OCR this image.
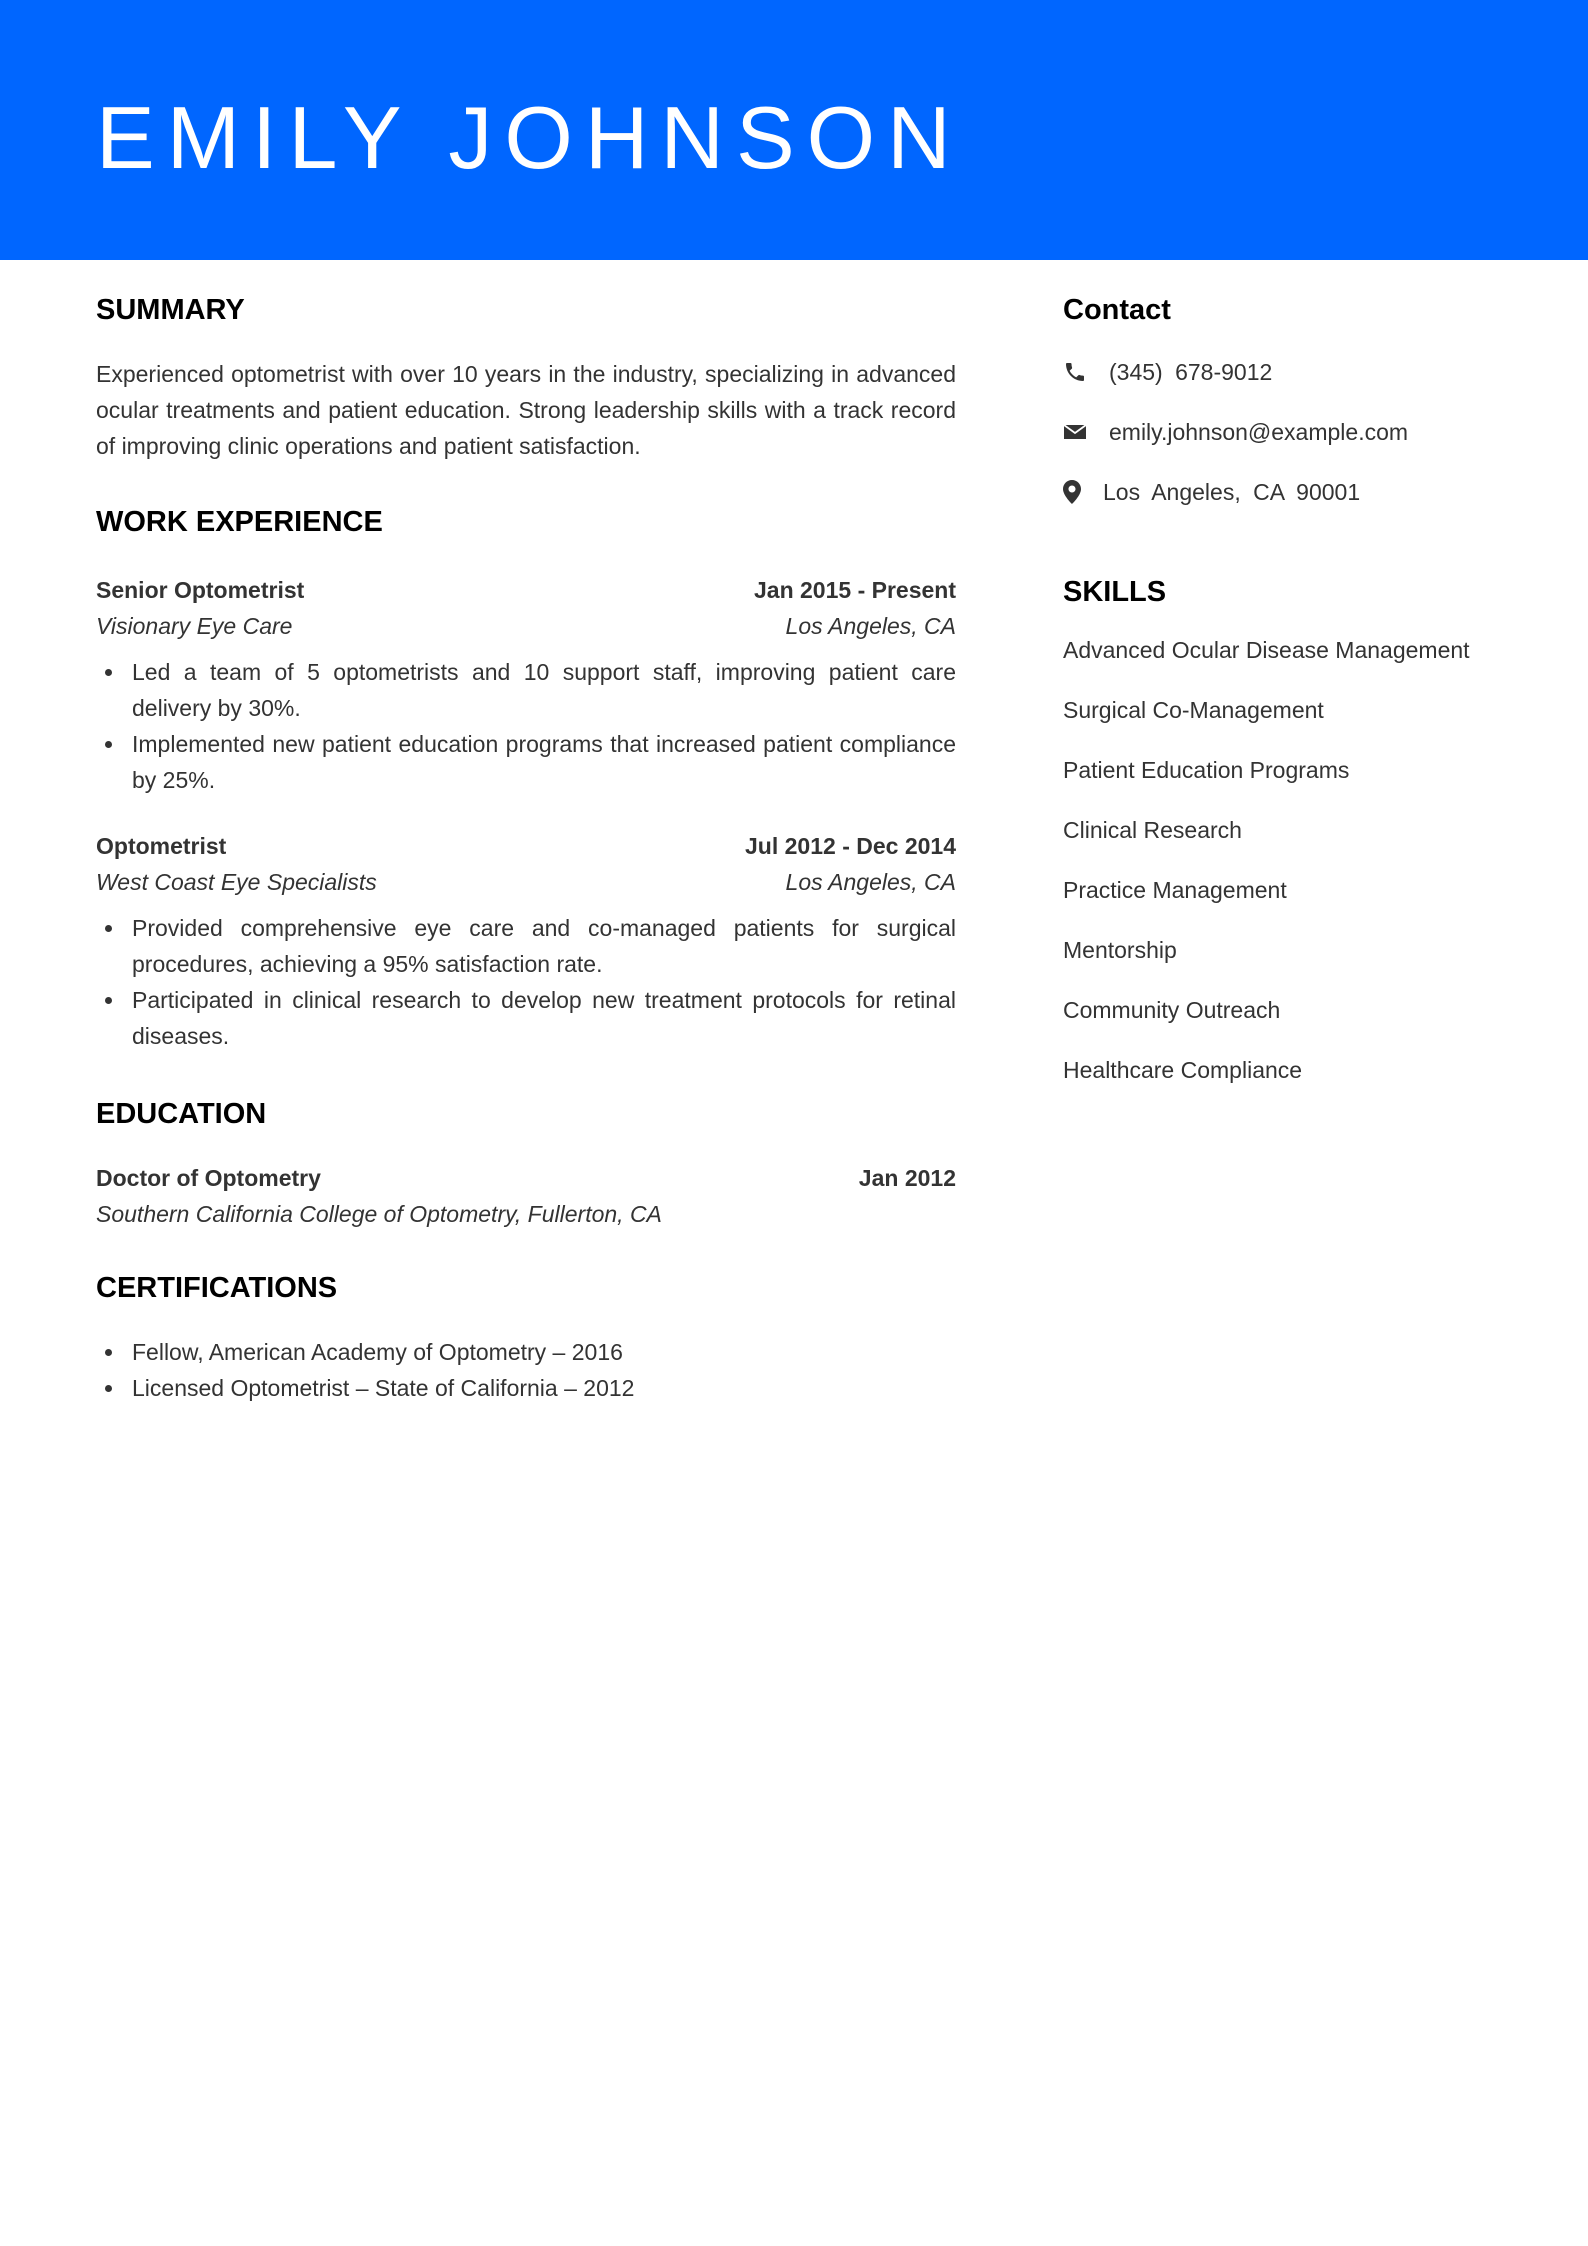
EMILY JOHNSON
SUMMARY

Experienced optometrist with over 10 years in the industry, specializing in advanced ocular treatments and patient education. Strong leadership skills with a track record of improving clinic operations and patient satisfaction.

WORK EXPERIENCE
Senior Optometrist	Jan 2015 - Present
Visionary Eye Care	Los Angeles, CA
Led a team of 5 optometrists and 10 support staff, improving patient care delivery by 30%.
Implemented new patient education programs that increased patient compliance by 25%.
Optometrist	Jul 2012 - Dec 2014
West Coast Eye Specialists	Los Angeles, CA
Provided comprehensive eye care and co-managed patients for surgical procedures, achieving a 95% satisfaction rate.
Participated in clinical research to develop new treatment protocols for retinal diseases.
EDUCATION
Doctor of Optometry	Jan 2012
Southern California College of Optometry, Fullerton, CA
CERTIFICATIONS
Fellow, American Academy of Optometry – 2016
Licensed Optometrist – State of California – 2012
Contact
(345) 678-9012
emily.johnson@example.com
Los Angeles, CA 90001
SKILLS
Advanced Ocular Disease Management
Surgical Co-Management
Patient Education Programs
Clinical Research
Practice Management
Mentorship
Community Outreach
Healthcare Compliance
